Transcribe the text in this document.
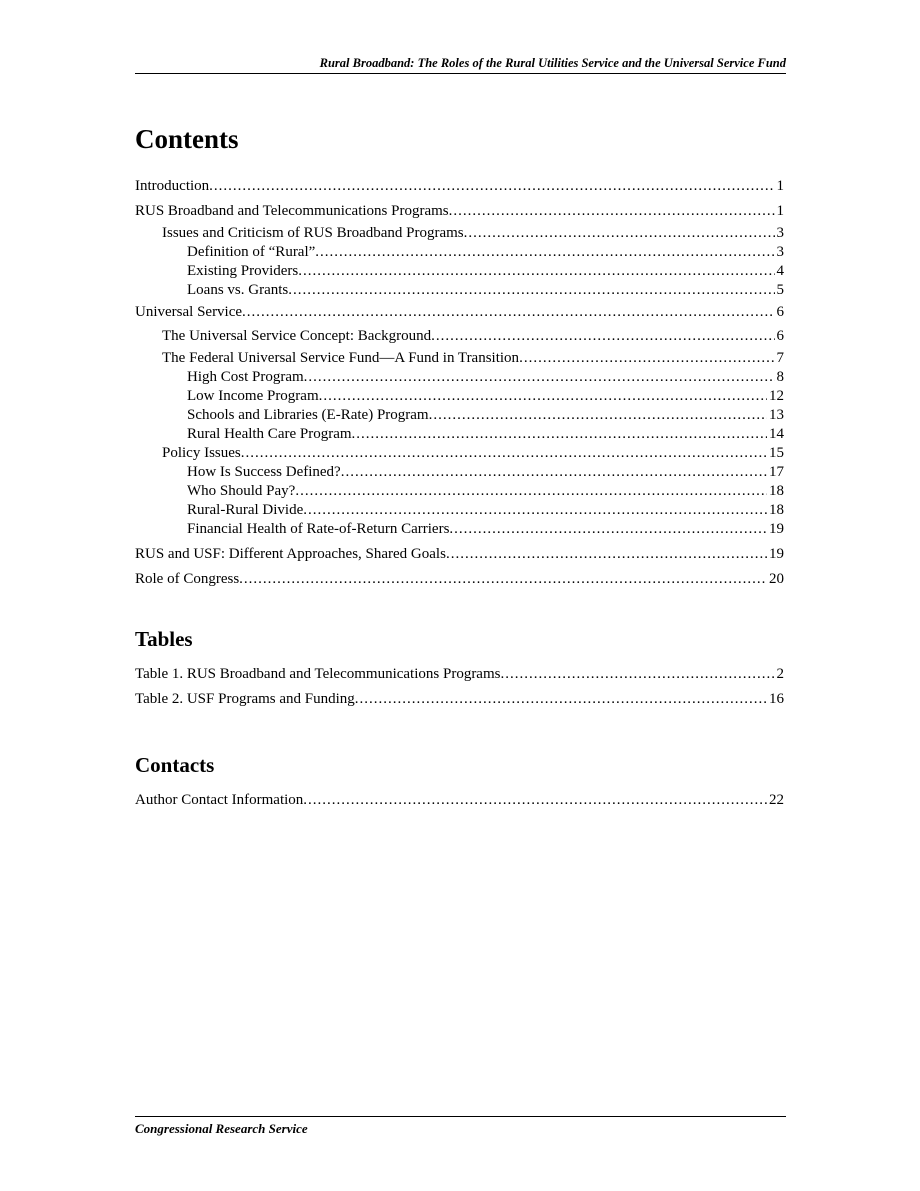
Rural Broadband: The Roles of the Rural Utilities Service and the Universal Service Fund
Contents
Introduction .....	1
RUS Broadband and Telecommunications Programs .....	1
Issues and Criticism of RUS Broadband Programs .....	3
Definition of “Rural” .....	3
Existing Providers .....	4
Loans vs. Grants .....	5
Universal Service .....	6
The Universal Service Concept: Background .....	6
The Federal Universal Service Fund—A Fund in Transition .....	7
High Cost Program .....	8
Low Income Program .....	12
Schools and Libraries (E-Rate) Program .....	13
Rural Health Care Program .....	14
Policy Issues .....	15
How Is Success Defined? .....	17
Who Should Pay? .....	18
Rural-Rural Divide .....	18
Financial Health of Rate-of-Return Carriers .....	19
RUS and USF: Different Approaches, Shared Goals .....	19
Role of Congress .....	20
Tables
Table 1. RUS Broadband and Telecommunications Programs .....	2
Table 2. USF Programs and Funding .....	16
Contacts
Author Contact Information .....	22
Congressional Research Service
